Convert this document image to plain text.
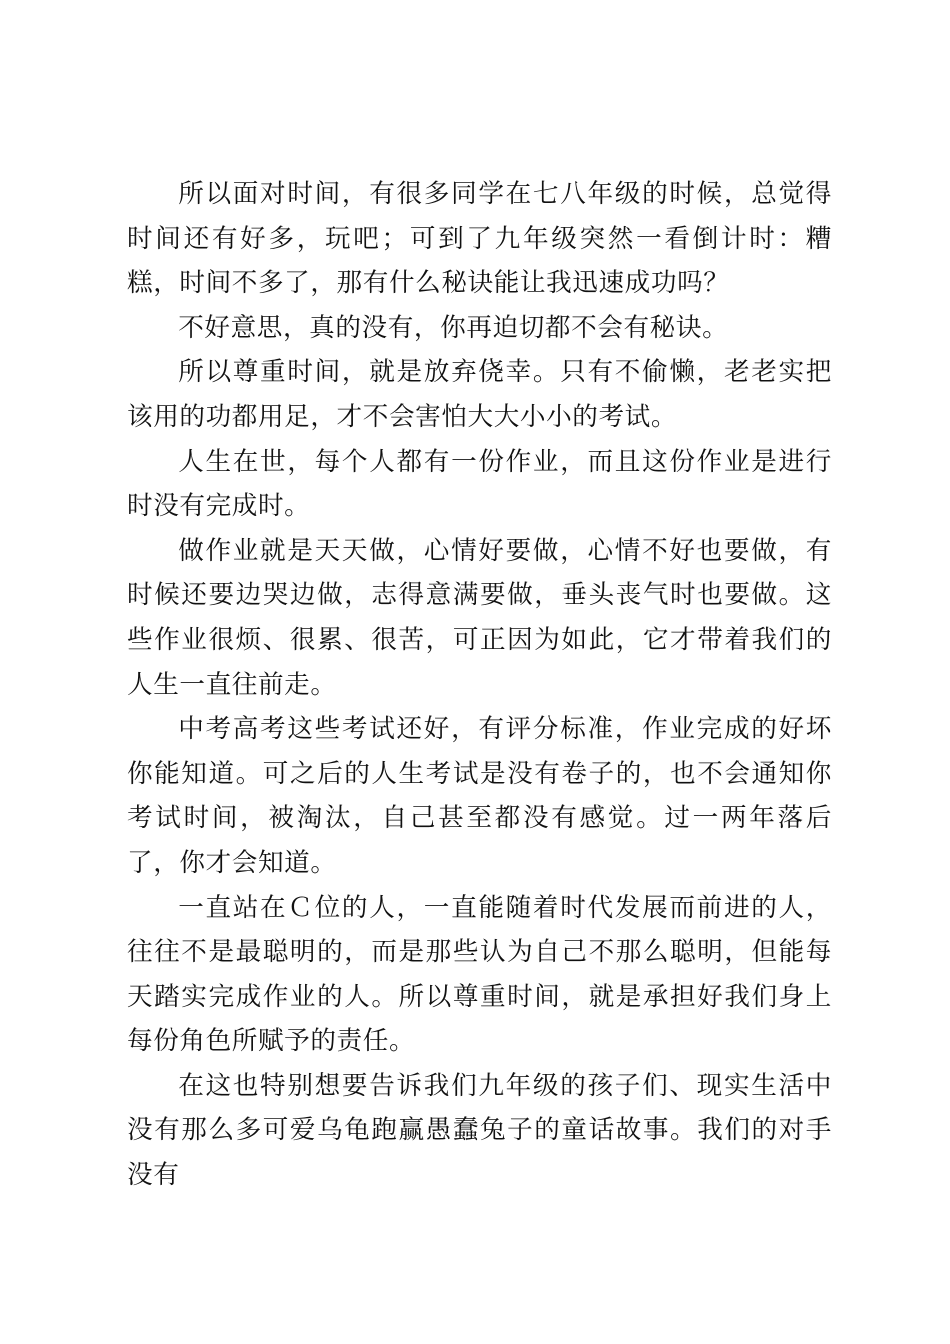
所以面对时间，有很多同学在七八年级的时候，总觉得时间还有好多，玩吧；可到了九年级突然一看倒计时：糟糕，时间不多了，那有什么秘诀能让我迅速成功吗？

不好意思，真的没有，你再迫切都不会有秘诀。

所以尊重时间，就是放弃侥幸。只有不偷懒，老老实把该用的功都用足，才不会害怕大大小小的考试。

人生在世，每个人都有一份作业，而且这份作业是进行时没有完成时。

做作业就是天天做，心情好要做，心情不好也要做，有时候还要边哭边做，志得意满要做，垂头丧气时也要做。这些作业很烦、很累、很苦，可正因为如此，它才带着我们的人生一直往前走。

中考高考这些考试还好，有评分标准，作业完成的好坏你能知道。可之后的人生考试是没有卷子的，也不会通知你考试时间，被淘汰，自己甚至都没有感觉。过一两年落后了，你才会知道。

一直站在Ｃ位的人，一直能随着时代发展而前进的人，往往不是最聪明的，而是那些认为自己不那么聪明，但能每天踏实完成作业的人。所以尊重时间，就是承担好我们身上每份角色所赋予的责任。

在这也特别想要告诉我们九年级的孩子们、现实生活中没有那么多可爱乌龟跑赢愚蠢兔子的童话故事。我们的对手没有
